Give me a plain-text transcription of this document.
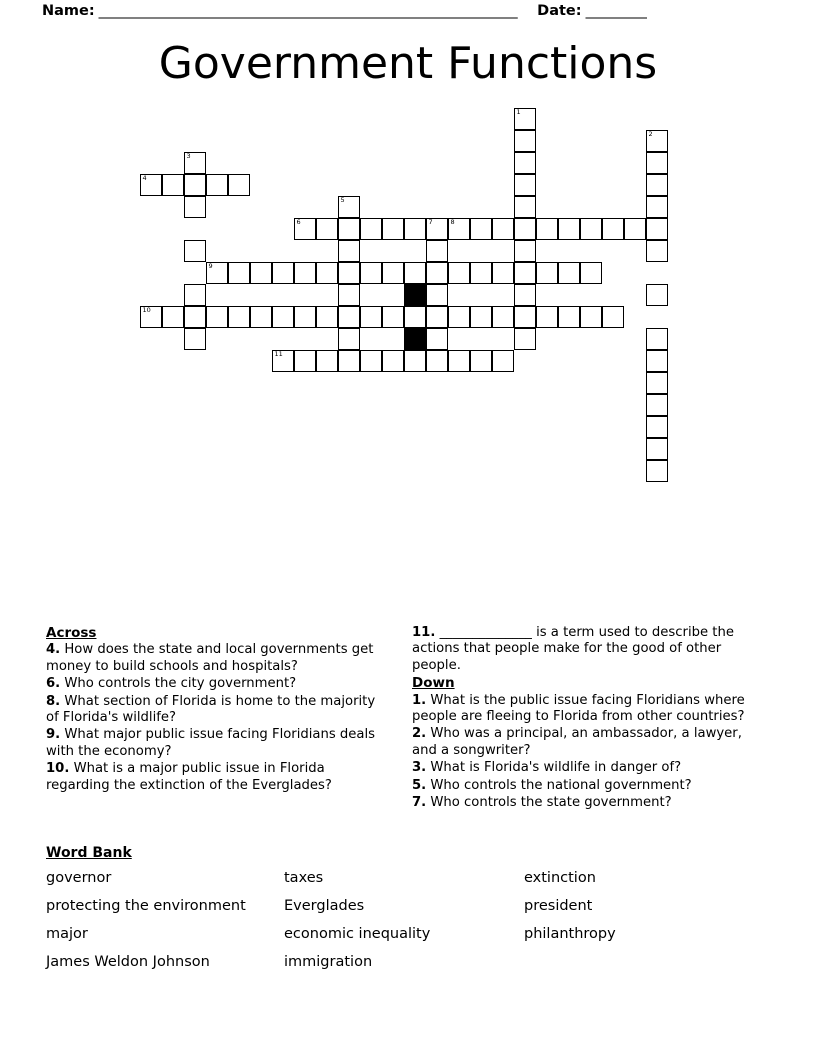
Name: ______________________________________________________________ Date: _________
Government Functions
1
2
3
4
5
6	7	8
9
10
11
Across
4. How does the state and local governments get money to build schools and hospitals?
6. Who controls the city government?
8. What section of Florida is home to the majority of Florida's wildlife?
9. What major public issue facing Floridians deals with the economy?
10. What is a major public issue in Florida regarding the extinction of the Everglades?
11. ______________ is a term used to describe the actions that people make for the good of other people.
Down
1. What is the public issue facing Floridians where people are fleeing to Florida from other countries?
2. Who was a principal, an ambassador, a lawyer, and a songwriter?
3. What is Florida's wildlife in danger of?
5. Who controls the national government?
7. Who controls the state government?
Word Bank
governor	taxes	extinction
protecting the environment	Everglades	president
major	economic inequality	philanthropy
James Weldon Johnson	immigration
